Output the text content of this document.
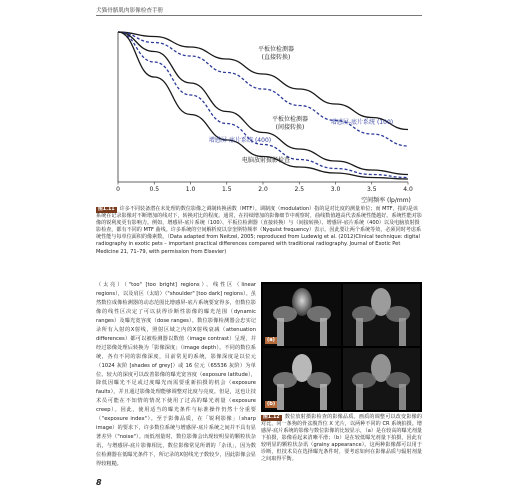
犬猫骨骼肌肉影像检查手册
0	0.5	1.0	1.5	2.0	2.5	3.0	3.5	4.0
平板位检测器
(直接转换)
增感屏-底片系统 (100)
平板位检测器
(间接转换)
增感屏-底片系统 (400)
电脑放射摄影检查
空间频率 (lp/mm)
图1.11 许多不同装备潜在未处理的数位影像之调制转换函数（MTF）。调制度（modulation）指的是对比度的测量单位；而 MTF，指的是该系统在记录影像对不断增加的线对下，转换对比的程度。通常，在持续增加的影像细节中观察时，曲线数值越高代表系统性能越好。系统性能对影像的锐利度更有影响力。例如，增感屏-底片系统（100）、平板位检测器（直接转换）与（间接转换）、增感屏-底片系统（400）以及电脑放射摄影检查，都有不同的 MTF 曲线。许多系统的空间解析度以奈奎斯特频率（Nyquist frequency）表示。因此要让两个系统等效，必须同时考虑系统性能与每单位面积的像素数。（Data adapted from Neitzel, 2005; reproduced from Ludewig et al. (2012)Clinical technique: digital radiography in exotic pets – important practical differences compared with traditional radiography. Journal of Exotic Pet Medicine 21, 71–79, with permission from Elsevier)
（太亮）（"too" [too bright] regions）、线性区（linear regions），以及肩区（太暗）（"shoulder" [too dark] regions）。虽然数位成像检测器的动态范围比增感屏-底片系统要宽得多，但数位影像的线性区决定了可以获得诊断性影像的曝光范围（dynamic ranges）及曝光宽容度（dose ranges）。数位影像检测器会忠实记录所有入射的X射线，照射区域之内的X射线衰减（attenuation differences）都可以被检测器以数值（image contrast）呈现，并经过影像处理后转换为「影像深度」（image depth）。不同的数位系统，各有不同的影像深度，目前常见的系统，影像深度是以位元（1024 灰阶 [shades of grey]）或 16 位元（65536 灰阶）为单位。较大的深度可以改善影像的曝光宽容度（exposure latitude），降低因曝光不足或过度曝光而需要重新拍摄的机会（exposure faults），并且通过影像处理能够调整对比度与亮度。但是，这也让技术员可能在不知情的情况下使用了过高的曝光剂量（exposure creep）。因此，使用适当的曝光条件与标准操作仍然十分重要（"exposure index"）。至于影像品质，在「锐利影像」（sharp image）的要求下，许多数位系统与增感屏-底片系统之间并不具有显著差异（"noise"）。而低剂量时，数位影像会出现较明显的颗粒状杂讯，与增感屏-底片影像相比，数位影像常见所谓的「杂讯」，因为数位检测器在低曝光条件下，所记录的X射线光子数较少，因此影像会显得较粗糙。
(a)
(b)
图1.12 数位放射摄影检查的影像品质。画质的调整可以改变影像的对比，同一条狗的骨盆腹背位 X 光片，以两种不同的 CR 系统拍摄。增感屏-底片系统的影像与数位影像的比较显示，（a）是在较高的曝光剂量下拍摄，影像看起来清晰平滑；（b）是在较低曝光剂量下拍摄，因此有较明显的颗粒状杂讯（grainy appearance）。这两种影像都可以用于诊断，但技术员在选择曝光条件时，要考虑如何在影像品质与辐射剂量之间取得平衡。
8
